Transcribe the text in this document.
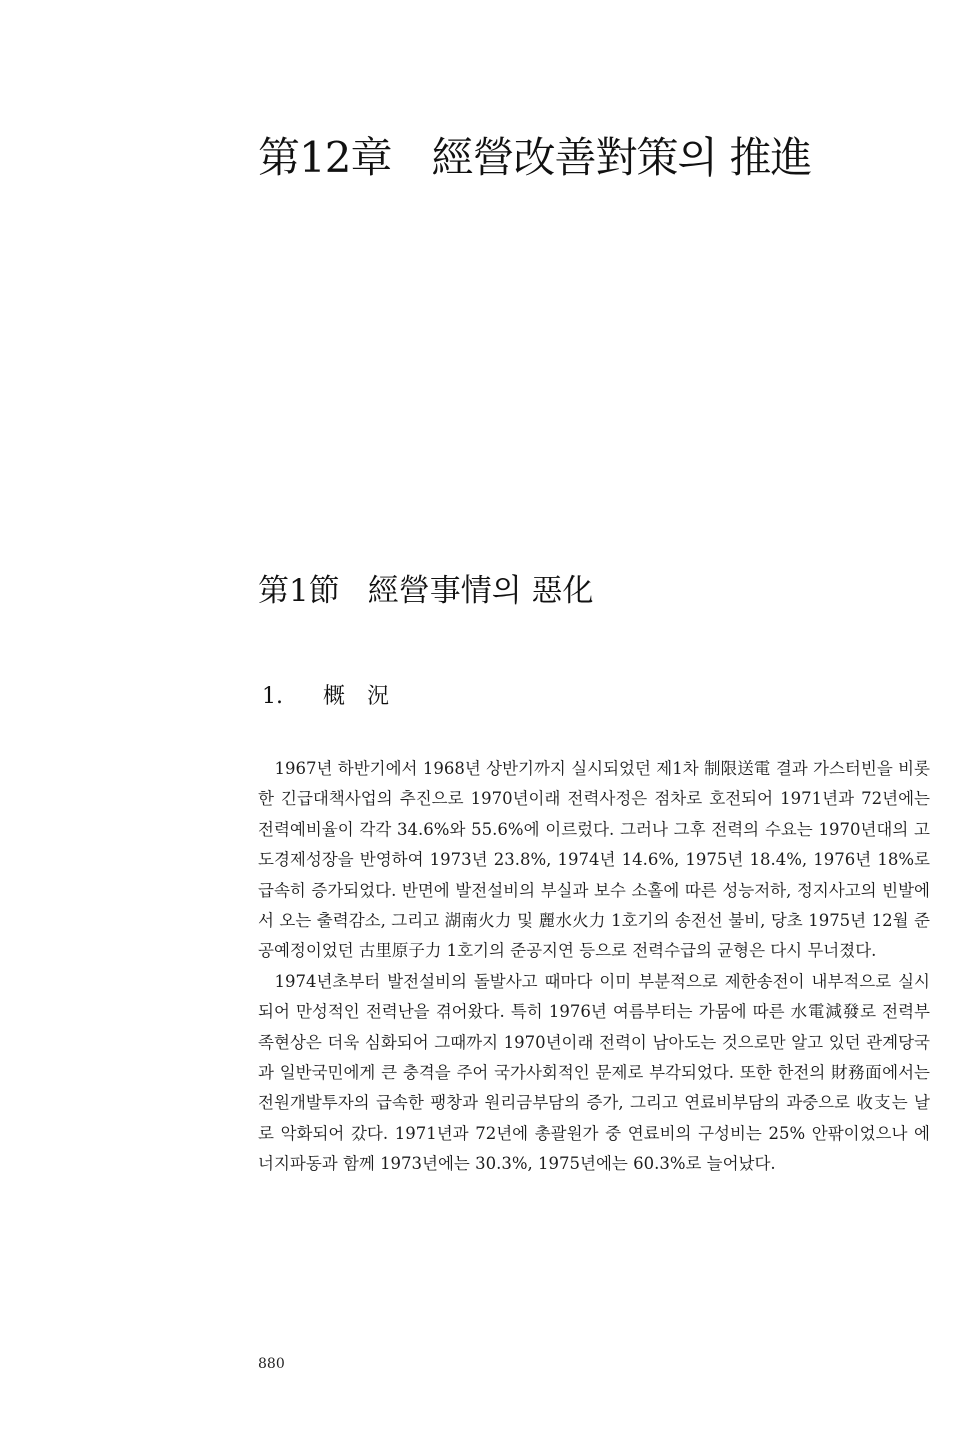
第12章 經營改善對策의 推進
第1節 經營事情의 惡化
1. 概　況

1967년 하반기에서 1968년 상반기까지 실시되었던 제1차 制限送電 결과 가스터빈을 비롯한 긴급대책사업의 추진으로 1970년이래 전력사정은 점차로 호전되어 1971년과 72년에는 전력예비율이 각각 34.6%와 55.6%에 이르렀다. 그러나 그후 전력의 수요는 1970년대의 고도경제성장을 반영하여 1973년 23.8%, 1974년 14.6%, 1975년 18.4%, 1976년 18%로 급속히 증가되었다. 반면에 발전설비의 부실과 보수 소홀에 따른 성능저하, 정지사고의 빈발에서 오는 출력감소, 그리고 湖南火力 및 麗水火力 1호기의 송전선 불비, 당초 1975년 12월 준공예정이었던 古里原子力 1호기의 준공지연 등으로 전력수급의 균형은 다시 무너졌다.

1974년초부터 발전설비의 돌발사고 때마다 이미 부분적으로 제한송전이 내부적으로 실시되어 만성적인 전력난을 겪어왔다. 특히 1976년 여름부터는 가뭄에 따른 水電減發로 전력부족현상은 더욱 심화되어 그때까지 1970년이래 전력이 남아도는 것으로만 알고 있던 관계당국과 일반국민에게 큰 충격을 주어 국가사회적인 문제로 부각되었다. 또한 한전의 財務面에서는 전원개발투자의 급속한 팽창과 원리금부담의 증가, 그리고 연료비부담의 과중으로 收支는 날로 악화되어 갔다. 1971년과 72년에 총괄원가 중 연료비의 구성비는 25% 안팎이었으나 에너지파동과 함께 1973년에는 30.3%, 1975년에는 60.3%로 늘어났다.

880
